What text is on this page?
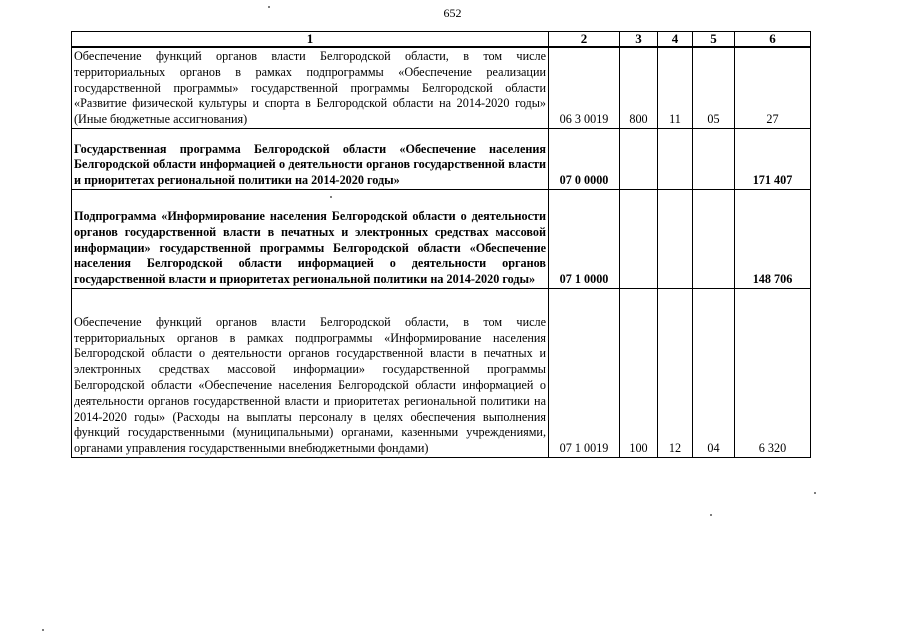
652
1	2	3	4	5	6
Обеспечение функций органов власти Белгородской области, в том числе территориальных органов в рамках подпрограммы «Обеспечение реализации государственной программы» государственной программы Белгородской области «Развитие физической культуры и спорта в Белгородской области на 2014-2020 годы» (Иные бюджетные ассигнования)	06 3 0019	800	11	05	27
Государственная программа Белгородской области «Обеспечение населения Белгородской области информацией о деятельности органов государственной власти и приоритетах региональной политики на 2014-2020 годы»	07 0 0000				171 407
Подпрограмма «Информирование населения Белгородской области о деятельности органов государственной власти в печатных и электронных средствах массовой информации» государственной программы Белгородской области «Обеспечение населения Белгородской области информацией о деятельности органов государственной власти и приоритетах региональной политики на 2014-2020 годы»	07 1 0000				148 706
Обеспечение функций органов власти Белгородской области, в том числе территориальных органов в рамках подпрограммы «Информирование населения Белгородской области о деятельности органов государственной власти в печатных и электронных средствах массовой информации» государственной программы Белгородской области «Обеспечение населения Белгородской области информацией о деятельности органов государственной власти и приоритетах региональной политики на 2014-2020 годы» (Расходы на выплаты персоналу в целях обеспечения выполнения функций государственными (муниципальными) органами, казенными учреждениями, органами управления государственными внебюджетными фондами)	07 1 0019	100	12	04	6 320
